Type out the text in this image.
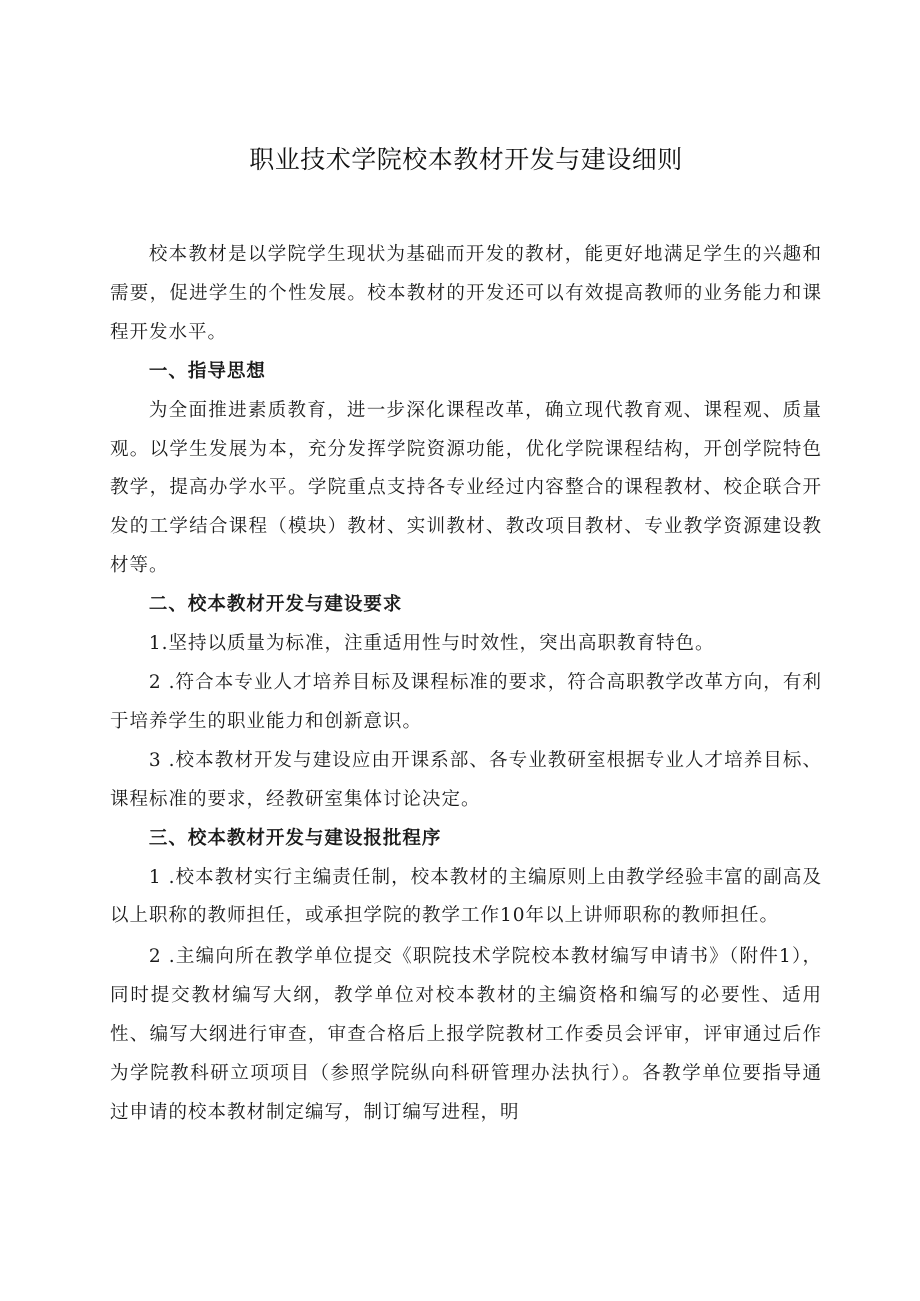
职业技术学院校本教材开发与建设细则

校本教材是以学院学生现状为基础而开发的教材，能更好地满足学生的兴趣和需要，促进学生的个性发展。校本教材的开发还可以有效提高教师的业务能力和课程开发水平。

一、指导思想

为全面推进素质教育，进一步深化课程改革，确立现代教育观、课程观、质量观。以学生发展为本，充分发挥学院资源功能，优化学院课程结构，开创学院特色教学，提高办学水平。学院重点支持各专业经过内容整合的课程教材、校企联合开发的工学结合课程（模块）教材、实训教材、教改项目教材、专业教学资源建设教材等。

二、校本教材开发与建设要求

1.坚持以质量为标准，注重适用性与时效性，突出高职教育特色。

2 .符合本专业人才培养目标及课程标准的要求，符合高职教学改革方向，有利于培养学生的职业能力和创新意识。

3 .校本教材开发与建设应由开课系部、各专业教研室根据专业人才培养目标、课程标准的要求，经教研室集体讨论决定。

三、校本教材开发与建设报批程序

1 .校本教材实行主编责任制，校本教材的主编原则上由教学经验丰富的副高及以上职称的教师担任，或承担学院的教学工作10年以上讲师职称的教师担任。

2 .主编向所在教学单位提交《职院技术学院校本教材编写申请书》（附件1），同时提交教材编写大纲，教学单位对校本教材的主编资格和编写的必要性、适用性、编写大纲进行审查，审查合格后上报学院教材工作委员会评审，评审通过后作为学院教科研立项项目（参照学院纵向科研管理办法执行）。各教学单位要指导通过申请的校本教材制定编写，制订编写进程，明
